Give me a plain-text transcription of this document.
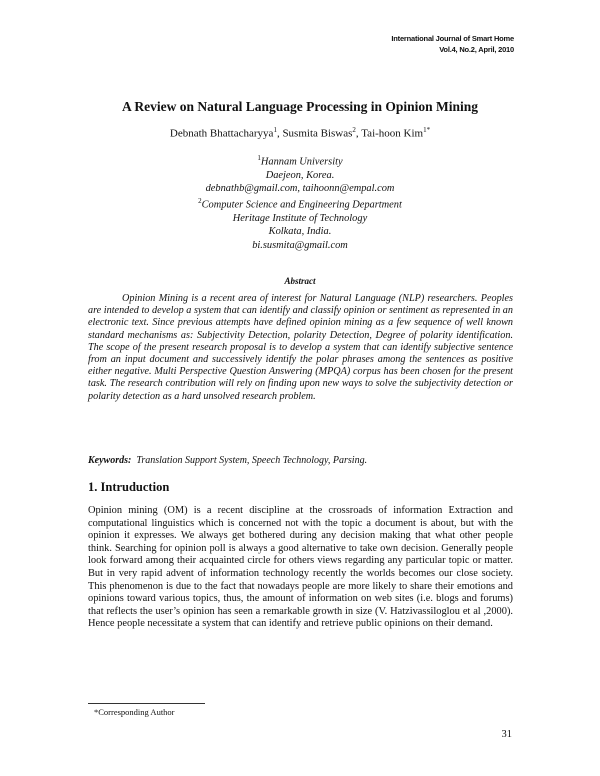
International Journal of Smart Home
Vol.4, No.2, April, 2010
A Review on Natural Language Processing in Opinion Mining
Debnath Bhattacharyya$^1$, Susmita Biswas$^2$, Tai-hoon Kim$^{1*}$
$^1$Hannam University
Daejeon, Korea.
debnathb@gmail.com, taihoonn@empal.com
$^2$Computer Science and Engineering Department
Heritage Institute of Technology
Kolkata, India.
bi.susmita@gmail.com
Abstract

Opinion Mining is a recent area of interest for Natural Language (NLP) researchers. Peoples are intended to develop a system that can identify and classify opinion or sentiment as represented in an electronic text. Since previous attempts have defined opinion mining as a few sequence of well known standard mechanisms as: Subjectivity Detection, polarity Detection, Degree of polarity identification. The scope of the present research proposal is to develop a system that can identify subjective sentence from an input document and successively identify the polar phrases among the sentences as positive either negative. Multi Perspective Question Answering (MPQA) corpus has been chosen for the present task. The research contribution will rely on finding upon new ways to solve the subjectivity detection or polarity detection as a hard unsolved research problem.

Keywords: Translation Support System, Speech Technology, Parsing.

1. Intruduction

Opinion mining (OM) is a recent discipline at the crossroads of information Extraction and computational linguistics which is concerned not with the topic a document is about, but with the opinion it expresses. We always get bothered during any decision making that what other people think. Searching for opinion poll is always a good alternative to take own decision. Generally people look forward among their acquainted circle for others views regarding any particular topic or matter. But in very rapid advent of information technology recently the worlds becomes our close society. This phenomenon is due to the fact that nowadays people are more likely to share their emotions and opinions toward various topics, thus, the amount of information on web sites (i.e. blogs and forums) that reflects the user’s opinion has seen a remarkable growth in size (V. Hatzivassiloglou et al ,2000). Hence people necessitate a system that can identify and retrieve public opinions on their demand.

*Corresponding Author
31
